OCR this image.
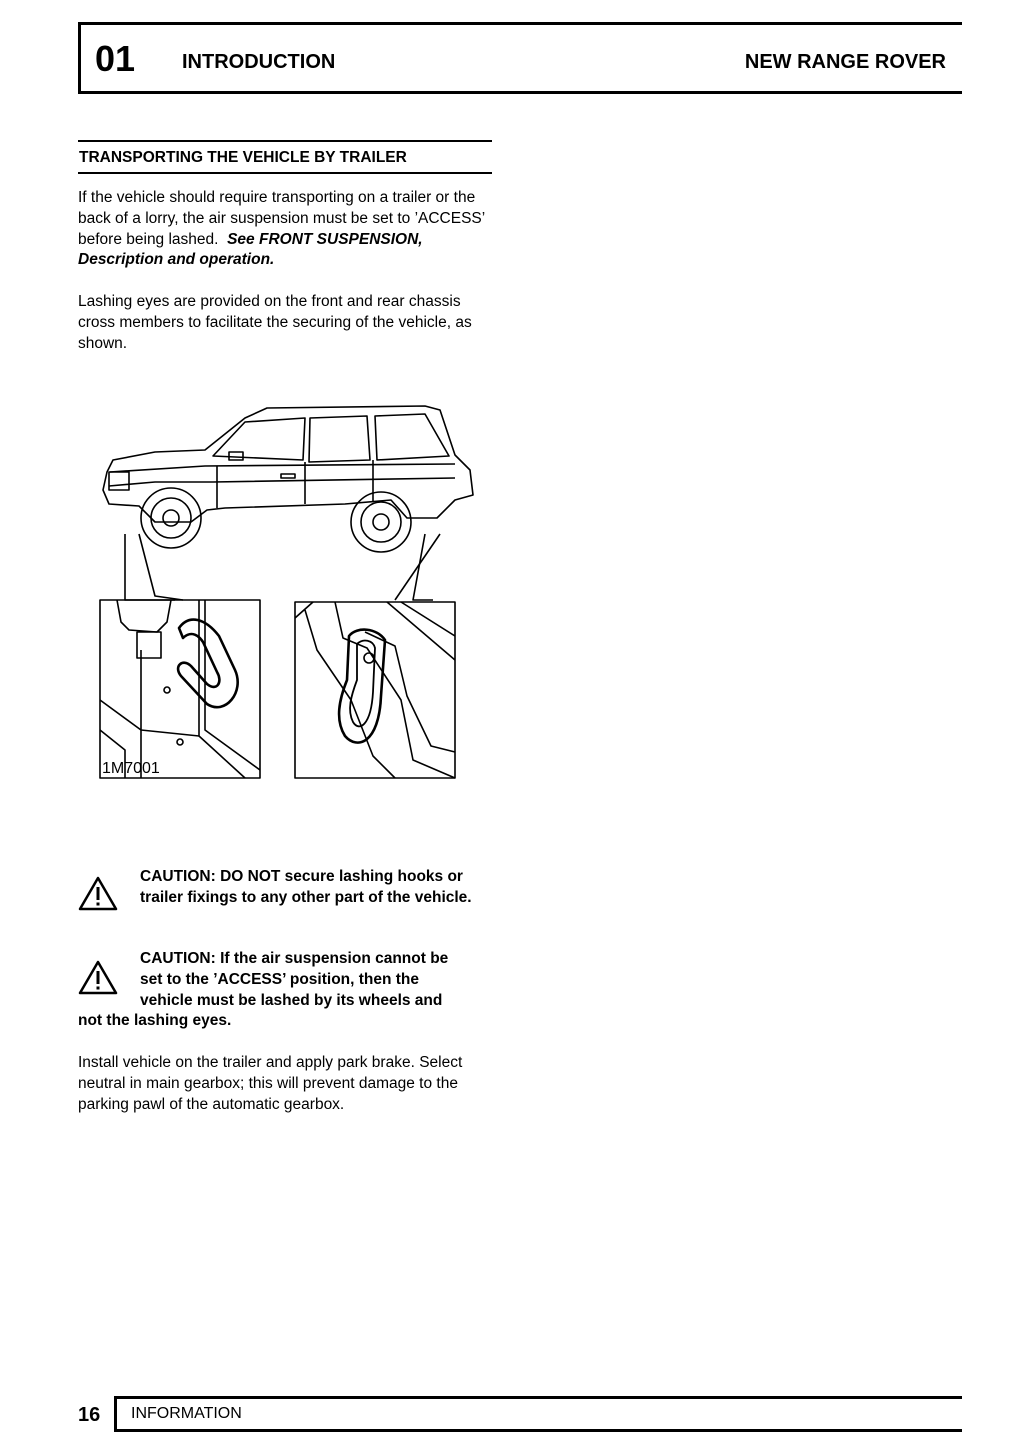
01 INTRODUCTION	NEW RANGE ROVER
TRANSPORTING THE VEHICLE BY TRAILER
If the vehicle should require transporting on a trailer or the back of a lorry, the air suspension must be set to ’ACCESS’ before being lashed. See FRONT SUSPENSION, Description and operation.
Lashing eyes are provided on the front and rear chassis cross members to facilitate the securing of the vehicle, as shown.
1M7001
CAUTION: DO NOT secure lashing hooks or trailer fixings to any other part of the vehicle.
CAUTION: If the air suspension cannot be
set to the ’ACCESS’ position, then the
vehicle must be lashed by its wheels and
not the lashing eyes.
Install vehicle on the trailer and apply park brake. Select neutral in main gearbox; this will prevent damage to the parking pawl of the automatic gearbox.
16 INFORMATION
